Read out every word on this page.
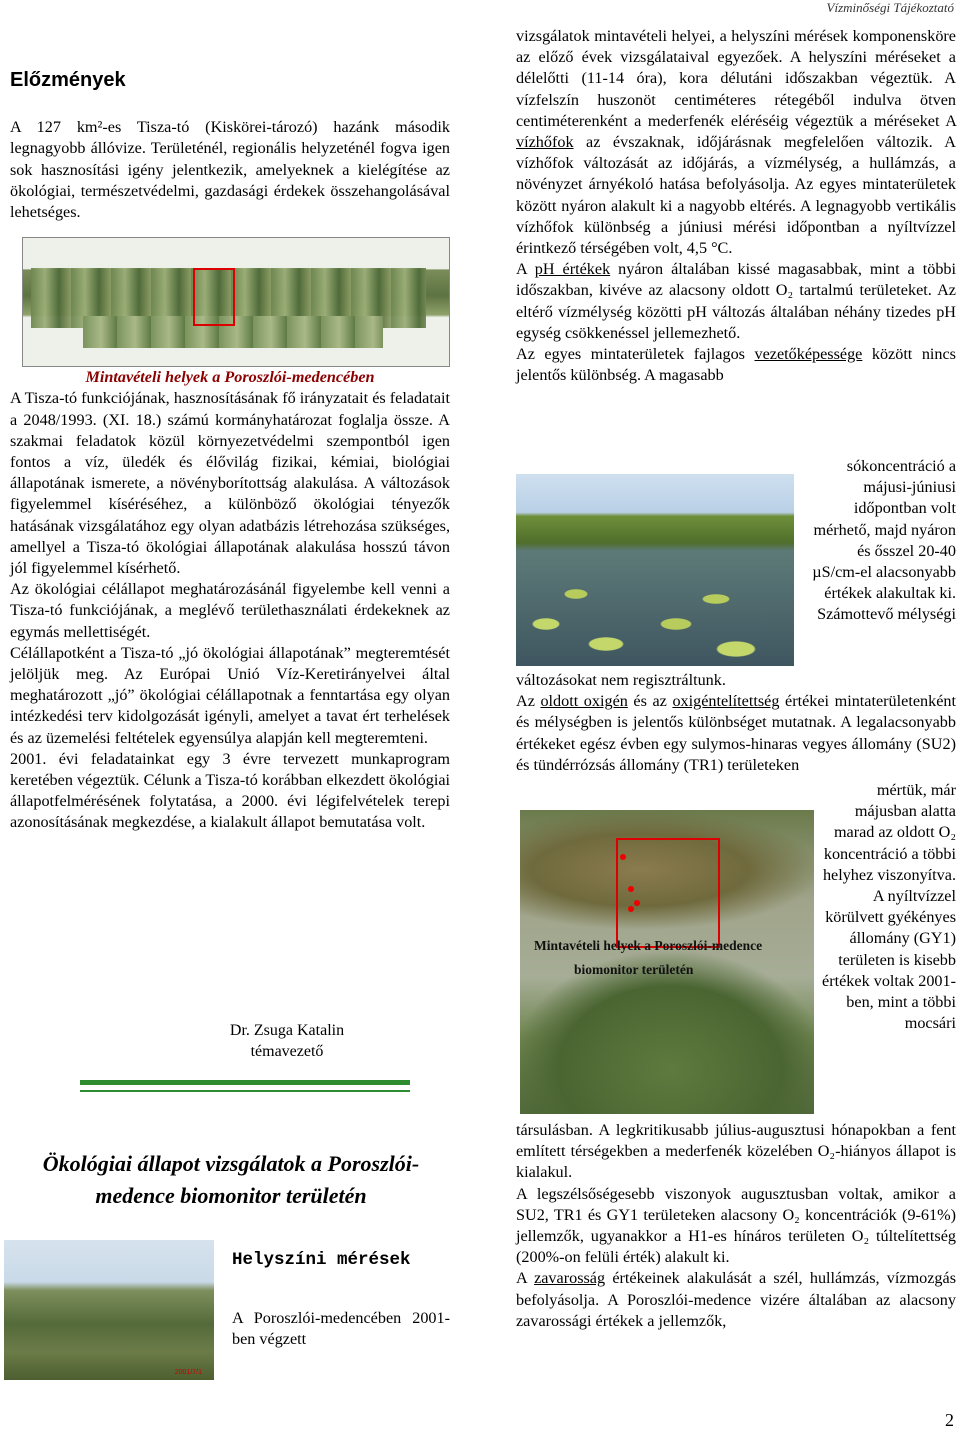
Vízminőségi Tájékoztató
Előzmények

A 127 km²-es Tisza-tó (Kiskörei-tározó) hazánk második legnagyobb állóvize. Területénél, regionális helyzeténél fogva igen sok hasznosítási igény jelentkezik, amelyeknek a kielégítése az ökológiai, természetvédelmi, gazdasági érdekek összehangolásával lehetséges.

Mintavételi helyek a Poroszlói-medencében

A Tisza-tó funkciójának, hasznosításának fő irányzatait és feladatait a 2048/1993. (XI. 18.) számú kormányhatározat foglalja össze. A szakmai feladatok közül környezetvédelmi szempontból igen fontos a víz, üledék és élővilág fizikai, kémiai, biológiai állapotának ismerete, a növényborítottság alakulása. A változások figyelemmel kíséréséhez, a különböző ökológiai tényezők hatásának vizsgálatához egy olyan adatbázis létrehozása szükséges, amellyel a Tisza-tó ökológiai állapotának alakulása hosszú távon jól figyelemmel kísérhető.

Az ökológiai célállapot meghatározásánál figyelembe kell venni a Tisza-tó funkciójának, a meglévő területhasználati érdekeknek az egymás mellettiségét.

Célállapotként a Tisza-tó „jó ökológiai állapotának” megteremtését jelöljük meg. Az Európai Unió Víz-Keretirányelvei által meghatározott „jó” ökológiai célállapotnak a fenntartása egy olyan intézkedési terv kidolgozását igényli, amelyet a tavat ért terhelések és az üzemelési feltételek egyensúlya alapján kell megteremteni.

2001. évi feladatainkat egy 3 évre tervezett munkaprogram keretében végeztük. Célunk a Tisza-tó korábban elkezdett ökológiai állapotfelmérésének folytatása, a 2000. évi légifelvételek terepi azonosításának megkezdése, a kialakult állapot bemutatása volt.

Dr. Zsuga Katalin
témavezető
Ökológiai állapot vizsgálatok a Poroszlói-medence biomonitor területén
2001/7/1
Helyszíni mérések
A Poroszlói-medencében 2001-ben végzett

vizsgálatok mintavételi helyei, a helyszíni mérések komponensköre az előző évek vizsgálataival egyezőek. A helyszíni méréseket a délelőtti (11-14 óra), kora délutáni időszakban végeztük. A vízfelszín huszonöt centiméteres rétegéből indulva ötven centiméterenként a mederfenék eléréséig végeztük a méréseket A vízhőfok az évszaknak, időjárásnak megfelelően változik. A vízhőfok változását az időjárás, a vízmélység, a hullámzás, a növényzet árnyékoló hatása befolyásolja. Az egyes mintaterületek között nyáron alakult ki a nagyobb eltérés. A legnagyobb vertikális vízhőfok különbség a júniusi mérési időpontban a nyíltvízzel érintkező térségében volt, 4,5 °C.

A pH értékek nyáron általában kissé magasabbak, mint a többi időszakban, kivéve az alacsony oldott O₂ tartalmú területeket. Az eltérő vízmélység közötti pH változás általában néhány tizedes pH egység csökkenéssel jellemezhető.

Az egyes mintaterületek fajlagos vezetőképessége között nincs jelentős különbség. A magasabb

sókoncentráció a májusi-júniusi időpontban volt mérhető, majd nyáron és ősszel 20-40 µS/cm-el alacsonyabb értékek alakultak ki. Számottevő mélységi

változásokat nem regisztráltunk.

Az oldott oxigén és az oxigéntelítettség értékei mintaterületenként és mélységben is jelentős különbséget mutatnak. A legalacsonyabb értékeket egész évben egy sulymos-hinaras vegyes állomány (SU2) és tündérrózsás állomány (TR1) területeken

Mintavételi helyek a Poroszlói-medence
biomonitor területén
mértük, már májusban alatta marad az oldott O₂ koncentráció a többi helyhez viszonyítva. A nyíltvízzel körülvett gyékényes állomány (GY1) területen is kisebb értékek voltak 2001-ben, mint a többi mocsári

társulásban. A legkritikusabb július-augusztusi hónapokban a fent említett térségekben a mederfenék közelében O₂-hiányos állapot is kialakul.

A legszélsőségesebb viszonyok augusztusban voltak, amikor a SU2, TR1 és GY1 területeken alacsony O₂ koncentrációk (9-61%) jellemzők, ugyanakkor a H1-es hínáros területen O₂ túltelítettség (200%-on felüli érték) alakult ki.

A zavarosság értékeinek alakulását a szél, hullámzás, vízmozgás befolyásolja. A Poroszlói-medence vizére általában az alacsony zavarossági értékek a jellemzők,

2
